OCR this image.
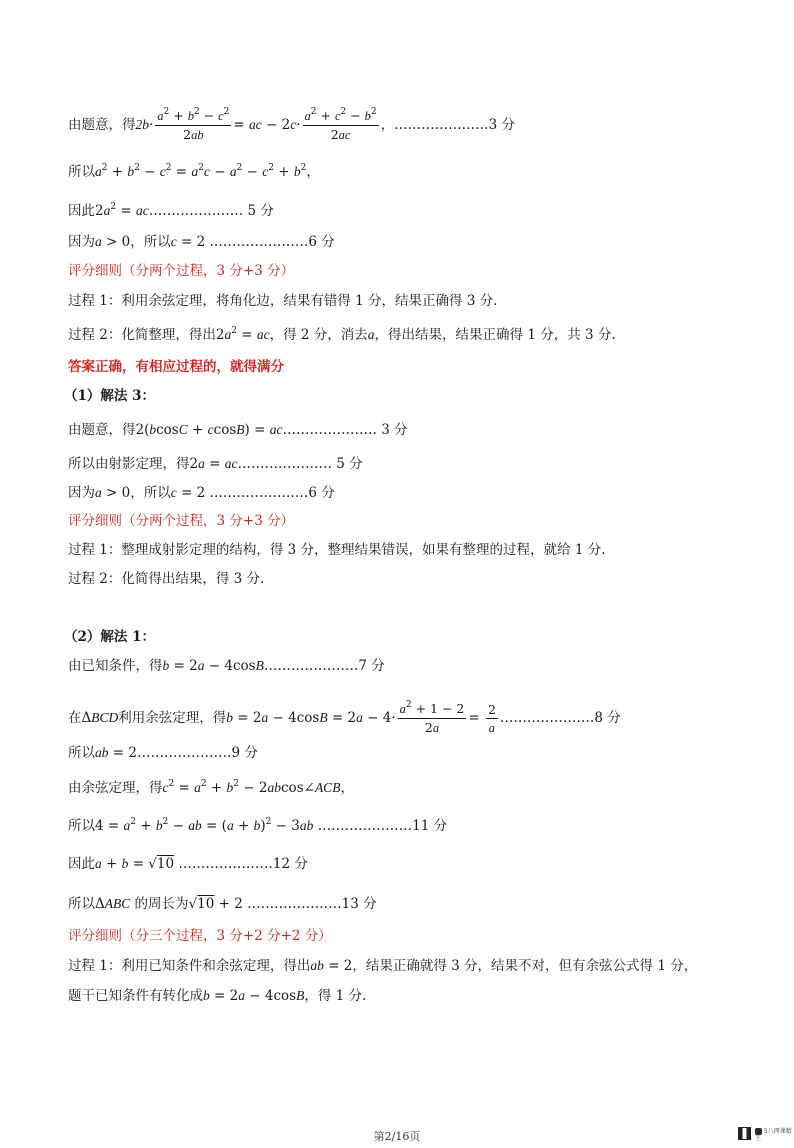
由题意，得$2b\cdot \frac{a^2 + b^2 - c^2}{2ab}$ = ac − $2c\cdot \frac{a^2 + c^2 - b^2}{2ac}$ ，…………………3 分
所以$a^2 + b^2 - c^2 = a^2c - a^2 - c^2 + b^2$，
因此$2a^2$ = ac………………… 5 分
因为a > 0，所以c = 2 .…………………6 分
评分细则（分两个过程，3 分+3 分）
过程 1：利用余弦定理，将角化边，结果有错得 1 分，结果正确得 3 分.
过程 2：化简整理，得出$2a^2$ = ac，得 2 分，消去a，得出结果，结果正确得 1 分，共 3 分.
答案正确，有相应过程的，就得满分
（1）解法 3：
由题意，得2(bcosC + ccosB) = ac………………… 3 分
所以由射影定理，得2a = ac………………… 5 分
因为a > 0，所以c = 2 .…………………6 分
评分细则（分两个过程，3 分+3 分）
过程 1：整理成射影定理的结构，得 3 分，整理结果错误，如果有整理的过程，就给 1 分.
过程 2：化简得出结果，得 3 分.
（2）解法 1：
由已知条件，得b = 2a − 4cosB…………………7 分
在ΔBCD利用余弦定理，得$b = 2a - 4\cos B = 2a - 4\cdot \frac{a^2 + 1 - 2}{2a} = \frac{2}{a}$ …………………8 分
所以ab = 2…………………9 分
由余弦定理，得$c^2 = a^2 + b^2$ − 2abcos∠ACB，
所以$4 = a^2 + b^2$ − ab = $(a + b)^2 - 3ab$ …………………11 分
因此a + b = √10 …………………12 分
所以ΔABC 的周长为√10 + 2 …………………13 分
评分细则（分三个过程，3 分+2 分+2 分）
过程 1：利用已知条件和余弦定理，得出ab = 2，结果正确就得 3 分，结果不对，但有余弦公式得 1 分，
题干已知条件有转化成b = 2a − 4cosB，得 1 分.
第2/16页	5八网课精王
